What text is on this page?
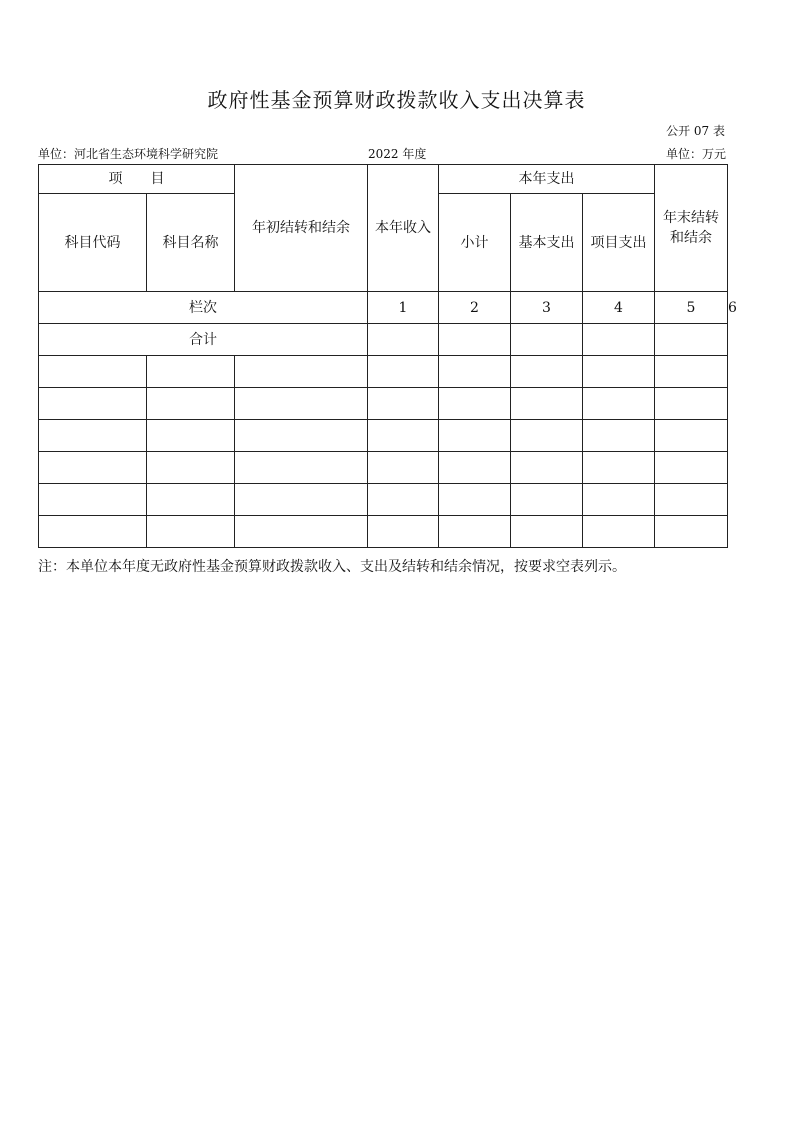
政府性基金预算财政拨款收入支出决算表
公开 07 表
单位：河北省生态环境科学研究院	2022 年度	单位：万元
项　　目		年初结转和结余	本年收入	本年支出			年末结转
和结余	

科目代码	科目名称			小计	基本支出	项目支出		
栏次			1	2	3	4	5	6
合计								

注：本单位本年度无政府性基金预算财政拨款收入、支出及结转和结余情况，按要求空表列示。
